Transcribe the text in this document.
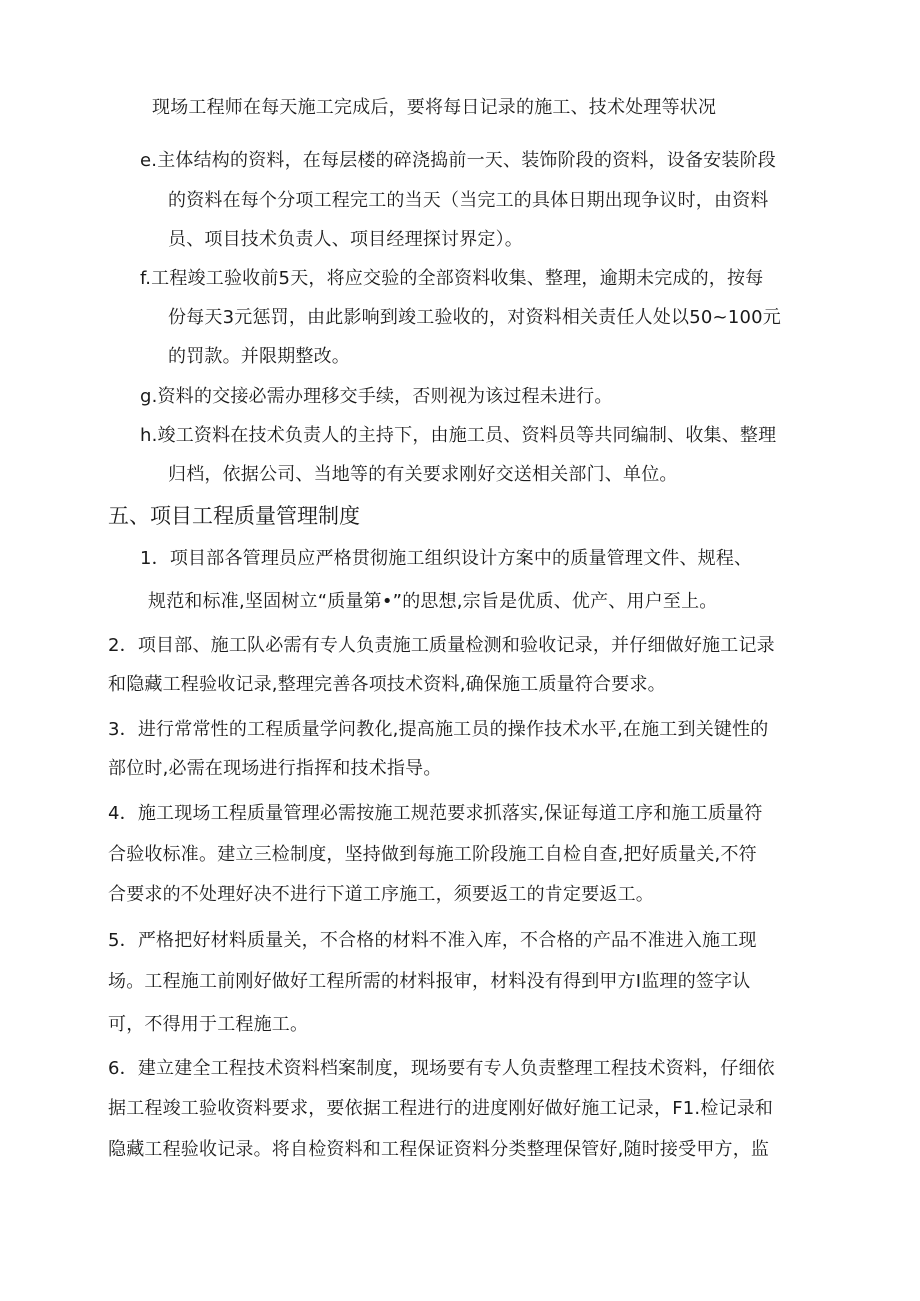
现场工程师在每天施工完成后，要将每日记录的施工、技术处理等状况
e.主体结构的资料，在每层楼的碎浇捣前一天、装饰阶段的资料，设备安装阶段
的资料在每个分项工程完工的当天（当完工的具体日期出现争议时，由资料
员、项目技术负责人、项目经理探讨界定）。
f.工程竣工验收前5天，将应交验的全部资料收集、整理，逾期未完成的，按每
份每天3元惩罚，由此影响到竣工验收的，对资料相关责任人处以50~100元
的罚款。并限期整改。
g.资料的交接必需办理移交手续，否则视为该过程未进行。
h.竣工资料在技术负责人的主持下，由施工员、资料员等共同编制、收集、整理
归档，依据公司、当地等的有关要求刚好交送相关部门、单位。
五、项目工程质量管理制度
1．项目部各管理员应严格贯彻施工组织设计方案中的质量管理文件、规程、
规范和标准,坚固树立“质量第•”的思想,宗旨是优质、优产、用户至上。
2．项目部、施工队必需有专人负责施工质量检测和验收记录，并仔细做好施工记录
和隐藏工程验收记录,整理完善各项技术资料,确保施工质量符合要求。
3．进行常常性的工程质量学问教化,提高施工员的操作技术水平,在施工到关键性的
部位时,必需在现场进行指挥和技术指导。
4．施工现场工程质量管理必需按施工规范要求抓落实,保证每道工序和施工质量符
合验收标准。建立三检制度，坚持做到每施工阶段施工自检自查,把好质量关,不符
合要求的不处理好决不进行下道工序施工，须要返工的肯定要返工。
5．严格把好材料质量关，不合格的材料不准入库，不合格的产品不准进入施工现
场。工程施工前刚好做好工程所需的材料报审，材料没有得到甲方I监理的签字认
可，不得用于工程施工。
6．建立建全工程技术资料档案制度，现场要有专人负责整理工程技术资料，仔细依
据工程竣工验收资料要求，要依据工程进行的进度刚好做好施工记录，F1.检记录和
隐藏工程验收记录。将自检资料和工程保证资料分类整理保管好,随时接受甲方，监
